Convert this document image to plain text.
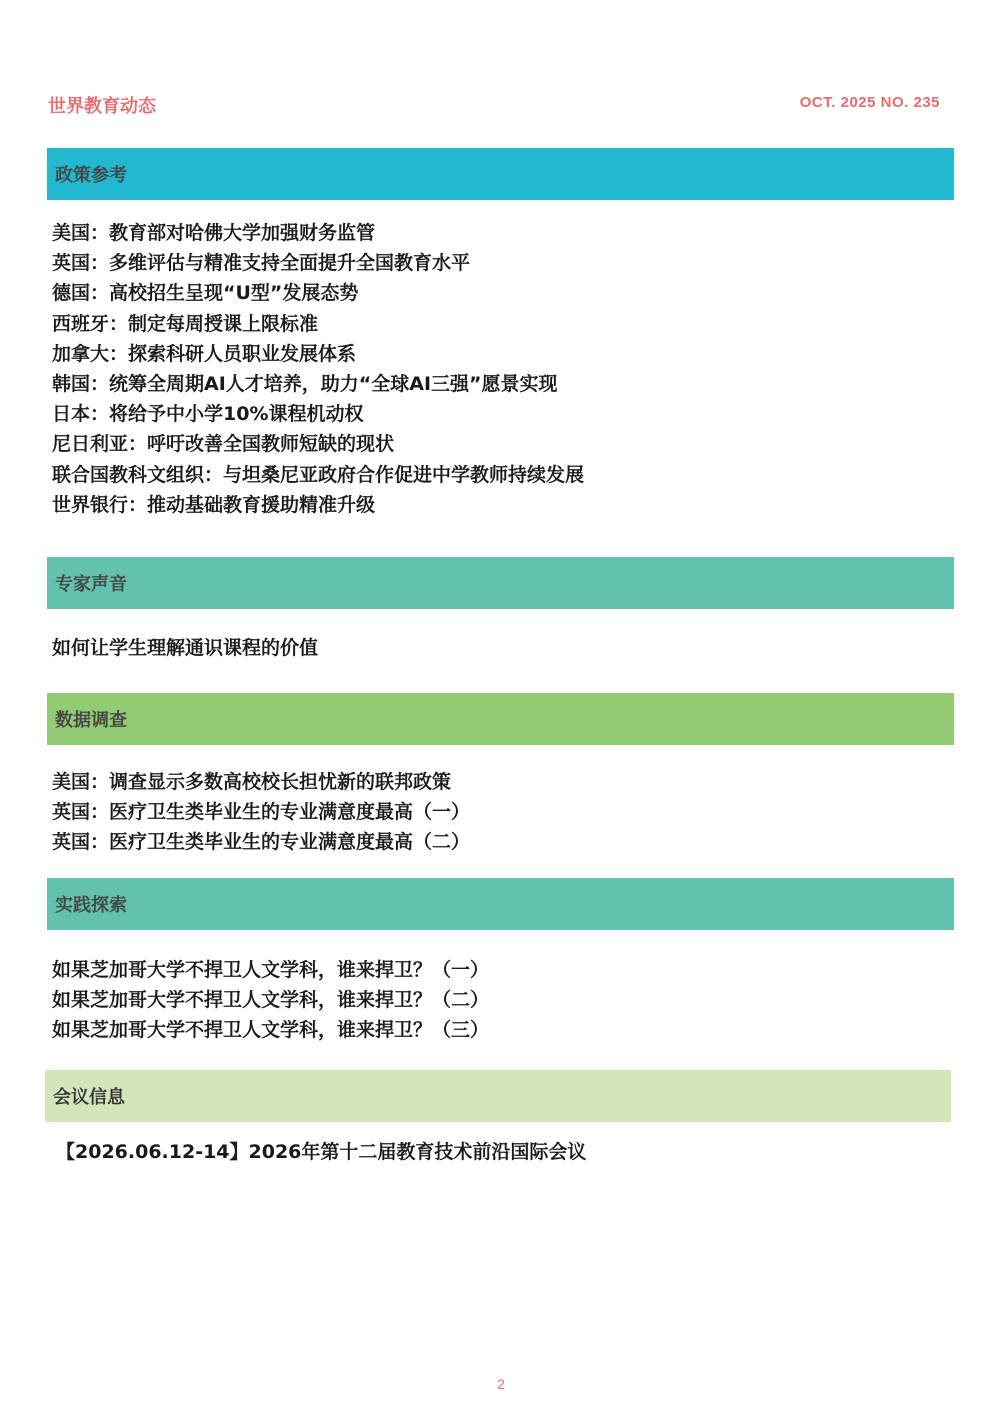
世界教育动态	OCT. 2025 NO. 235
政策参考
美国：教育部对哈佛大学加强财务监管
英国：多维评估与精准支持全面提升全国教育水平
德国：高校招生呈现“U型”发展态势
西班牙：制定每周授课上限标准
加拿大：探索科研人员职业发展体系
韩国：统筹全周期AI人才培养，助力“全球AI三强”愿景实现
日本：将给予中小学10%课程机动权
尼日利亚：呼吁改善全国教师短缺的现状
联合国教科文组织：与坦桑尼亚政府合作促进中学教师持续发展
世界银行：推动基础教育援助精准升级
专家声音
如何让学生理解通识课程的价值
数据调查
美国：调查显示多数高校校长担忧新的联邦政策
英国：医疗卫生类毕业生的专业满意度最高（一）
英国：医疗卫生类毕业生的专业满意度最高（二）
实践探索
如果芝加哥大学不捍卫人文学科，谁来捍卫？（一）
如果芝加哥大学不捍卫人文学科，谁来捍卫？（二）
如果芝加哥大学不捍卫人文学科，谁来捍卫？（三）
会议信息
【2026.06.12-14】2026年第十二届教育技术前沿国际会议
2
